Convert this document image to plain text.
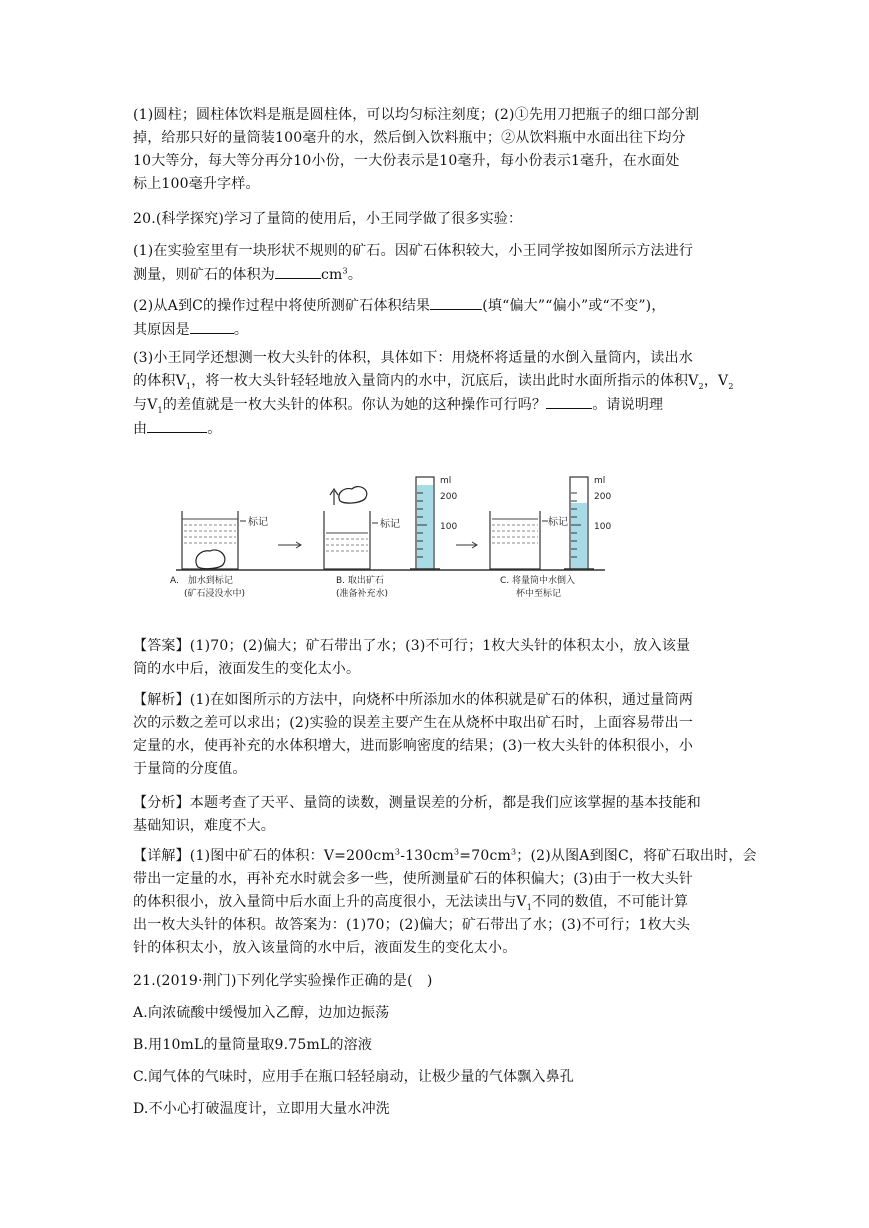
(1)圆柱；圆柱体饮料是瓶是圆柱体，可以均匀标注刻度；(2)①先用刀把瓶子的细口部分割
掉，给那只好的量筒装100毫升的水，然后倒入饮料瓶中；②从饮料瓶中水面出往下均分
10大等分，每大等分再分10小份，一大份表示是10毫升，每小份表示1毫升，在水面处
标上100毫升字样。

20.(科学探究)学习了量筒的使用后，小王同学做了很多实验：

(1)在实验室里有一块形状不规则的矿石。因矿石体积较大，小王同学按如图所示方法进行
测量，则矿石的体积为	$cm^3$。

(2)从A到C的操作过程中将使所测矿石体积结果	(填“偏大”“偏小”或“不变”)，
其原因是	。

(3)小王同学还想测一枚大头针的体积，具体如下：用烧杯将适量的水倒入量筒内，读出水
的体积$V_1$，将一枚大头针轻轻地放入量筒内的水中，沉底后，读出此时水面所指示的体积$V_2$，$V_2$
与$V_1$的差值就是一枚大头针的体积。你认为她的这种操作可行吗？	。请说明理
由	。

标记
A.　加水到标记
(矿石浸没水中)
标记
B. 取出矿石
(准备补充水)
ml
200
100	标记
C. 将量筒中水倒入
杯中至标记
ml
200
100

【答案】(1)70；(2)偏大；矿石带出了水；(3)不可行；1枚大头针的体积太小，放入该量
筒的水中后，液面发生的变化太小。

【解析】(1)在如图所示的方法中，向烧杯中所添加水的体积就是矿石的体积，通过量筒两
次的示数之差可以求出；(2)实验的误差主要产生在从烧杯中取出矿石时，上面容易带出一
定量的水，使再补充的水体积增大，进而影响密度的结果；(3)一枚大头针的体积很小，小
于量筒的分度值。

【分析】本题考查了天平、量筒的读数，测量误差的分析，都是我们应该掌握的基本技能和
基础知识，难度不大。

【详解】(1)图中矿石的体积：$V=200cm^3-130cm^3=70cm^3$；(2)从图A到图C，将矿石取出时，会
带出一定量的水，再补充水时就会多一些，使所测量矿石的体积偏大；(3)由于一枚大头针
的体积很小，放入量筒中后水面上升的高度很小，无法读出与$V_1$不同的数值，不可能计算
出一枚大头针的体积。故答案为：(1)70；(2)偏大；矿石带出了水；(3)不可行；1枚大头
针的体积太小，放入该量筒的水中后，液面发生的变化太小。

21.(2019·荆门)下列化学实验操作正确的是(　)

A.向浓硫酸中缓慢加入乙醇，边加边振荡

B.用10mL的量筒量取9.75mL的溶液

C.闻气体的气味时，应用手在瓶口轻轻扇动，让极少量的气体飘入鼻孔

D.不小心打破温度计，立即用大量水冲洗
